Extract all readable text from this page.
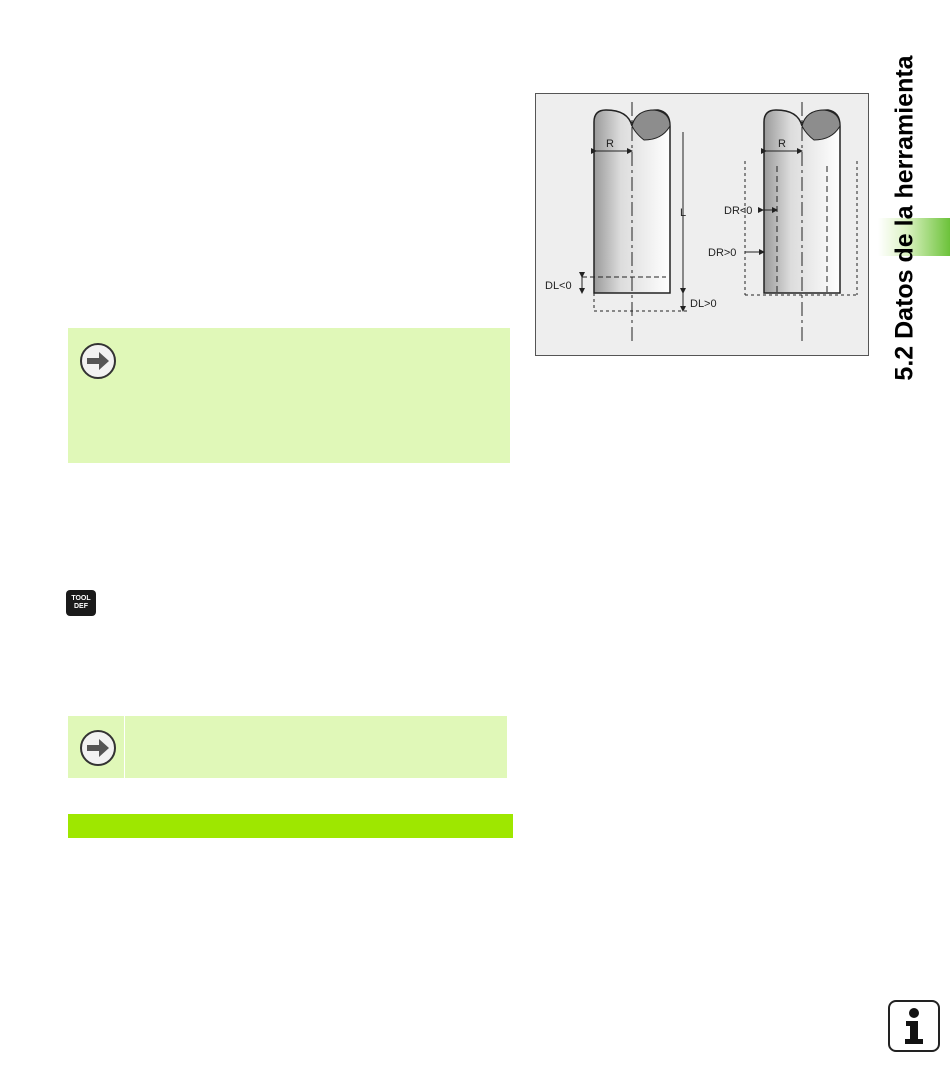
TOOL
DEF
R
L
DL<0
DL>0
R
DR<0
DR>0	5.2 Datos de la herramienta
